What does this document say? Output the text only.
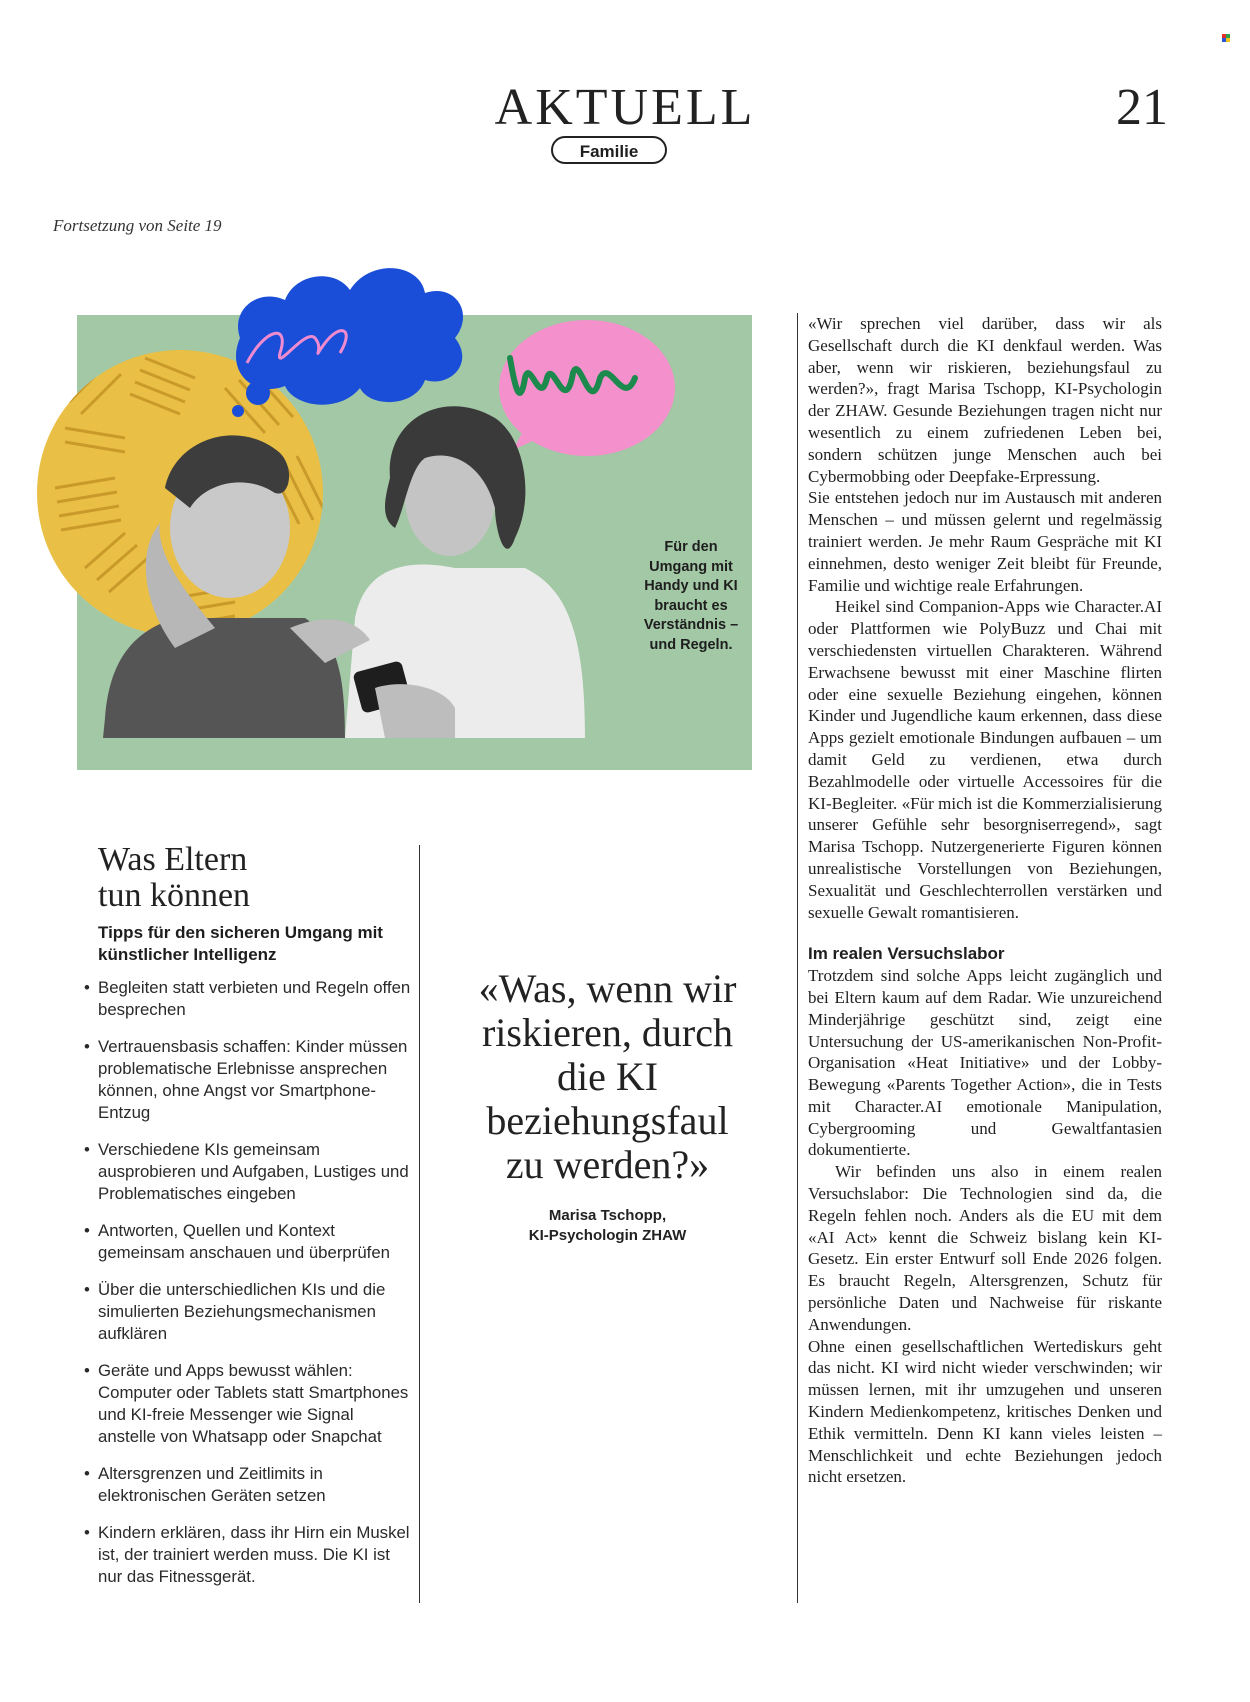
AKTUELL	21
Familie
Fortsetzung von Seite 19
Für den
Umgang mit
Handy und KI
braucht es
Verständnis –
und Regeln.
Was Eltern
tun können
Tipps für den sicheren Umgang mit künstlicher Intelligenz
• Begleiten statt verbieten und Regeln offen besprechen
• Vertrauensbasis schaffen: Kinder müssen problematische Erlebnisse ansprechen können, ohne Angst vor Smartphone-Entzug
• Verschiedene KIs gemeinsam ausprobieren und Aufgaben, Lustiges und Problematisches eingeben
• Antworten, Quellen und Kontext gemeinsam anschauen und überprüfen
• Über die unterschiedlichen KIs und die simulierten Beziehungsmechanismen aufklären
• Geräte und Apps bewusst wählen: Computer oder Tablets statt Smartphones und KI-freie Messenger wie Signal anstelle von Whatsapp oder Snapchat
• Altersgrenzen und Zeitlimits in elektronischen Geräten setzen
• Kindern erklären, dass ihr Hirn ein Muskel ist, der trainiert werden muss. Die KI ist nur das Fitnessgerät.
«Was, wenn wir riskieren, durch die KI beziehungsfaul zu werden?»
Marisa Tschopp,
KI-Psychologin ZHAW

«Wir sprechen viel darüber, dass wir als Gesellschaft durch die KI denkfaul werden. Was aber, wenn wir riskieren, beziehungsfaul zu werden?», fragt Marisa Tschopp, KI-Psychologin der ZHAW. Gesunde Beziehungen tragen nicht nur wesentlich zu einem zufriedenen Leben bei, sondern schützen junge Menschen auch bei Cybermobbing oder Deepfake-Erpressung.

Sie entstehen jedoch nur im Austausch mit anderen Menschen – und müssen gelernt und regelmässig trainiert werden. Je mehr Raum Gespräche mit KI einnehmen, desto weniger Zeit bleibt für Freunde, Familie und wichtige reale Erfahrungen.

Heikel sind Companion-Apps wie Character.AI oder Plattformen wie PolyBuzz und Chai mit verschiedensten virtuellen Charakteren. Während Erwachsene bewusst mit einer Maschine flirten oder eine sexuelle Beziehung eingehen, können Kinder und Jugendliche kaum erkennen, dass diese Apps gezielt emotionale Bindungen aufbauen – um damit Geld zu verdienen, etwa durch Bezahlmodelle oder virtuelle Accessoires für die KI-Begleiter. «Für mich ist die Kommerzialisierung unserer Gefühle sehr besorgniserregend», sagt Marisa Tschopp. Nutzergenerierte Figuren können unrealistische Vorstellungen von Beziehungen, Sexualität und Geschlechterrollen verstärken und sexuelle Gewalt romantisieren.

Im realen Versuchslabor

Trotzdem sind solche Apps leicht zugänglich und bei Eltern kaum auf dem Radar. Wie unzureichend Minderjährige geschützt sind, zeigt eine Untersuchung der US-amerikanischen Non-Profit-Organisation «Heat Initiative» und der Lobby-Bewegung «Parents Together Action», die in Tests mit Character.AI emotionale Manipulation, Cybergrooming und Gewaltfantasien dokumentierte.

Wir befinden uns also in einem realen Versuchslabor: Die Technologien sind da, die Regeln fehlen noch. Anders als die EU mit dem «AI Act» kennt die Schweiz bislang kein KI-Gesetz. Ein erster Entwurf soll Ende 2026 folgen. Es braucht Regeln, Altersgrenzen, Schutz für persönliche Daten und Nachweise für riskante Anwendungen.

Ohne einen gesellschaftlichen Wertediskurs geht das nicht. KI wird nicht wieder verschwinden; wir müssen lernen, mit ihr umzugehen und unseren Kindern Medienkompetenz, kritisches Denken und Ethik vermitteln. Denn KI kann vieles leisten – Menschlichkeit und echte Beziehungen jedoch nicht ersetzen.
